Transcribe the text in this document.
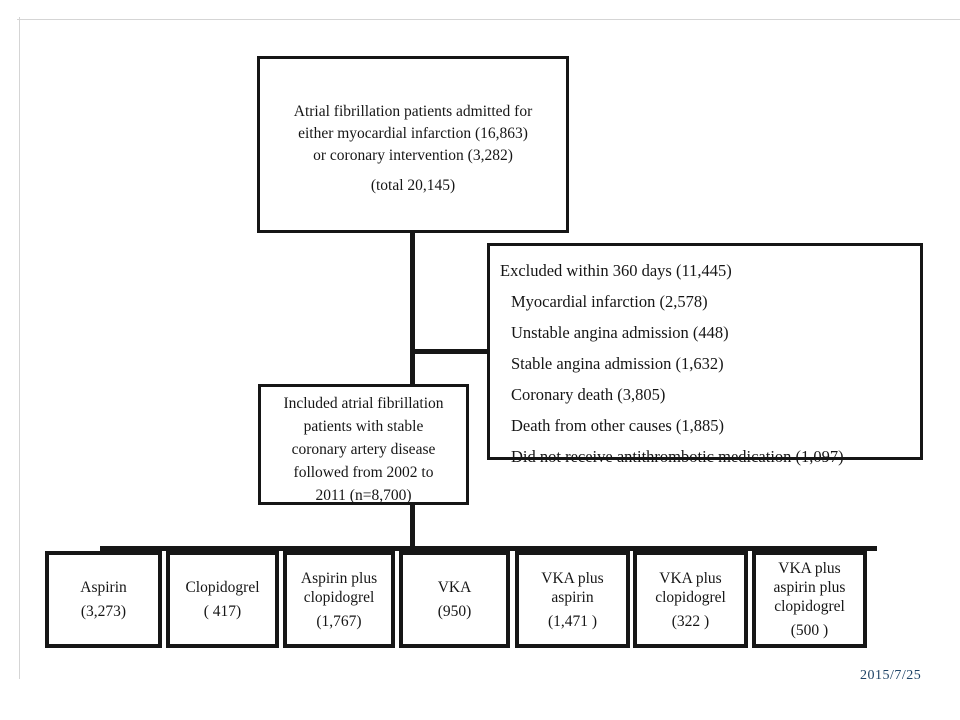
Atrial fibrillation patients admitted for
either myocardial infarction (16,863)
or coronary intervention (3,282)
(total 20,145)
Excluded within 360 days (11,445)
Myocardial infarction (2,578)
Unstable angina admission (448)
Stable angina admission (1,632)
Coronary death (3,805)
Death from other causes (1,885)
Did not receive antithrombotic medication (1,097)
Included atrial fibrillation
patients with stable
coronary artery disease
followed from 2002 to
2011 (n=8,700)
Aspirin
(3,273)
Clopidogrel
( 417)
Aspirin plus clopidogrel
(1,767)
VKA
(950)
VKA plus aspirin
(1,471 )
VKA plus clopidogrel
(322 )
VKA plus aspirin plus clopidogrel
(500 )
2015/7/25
